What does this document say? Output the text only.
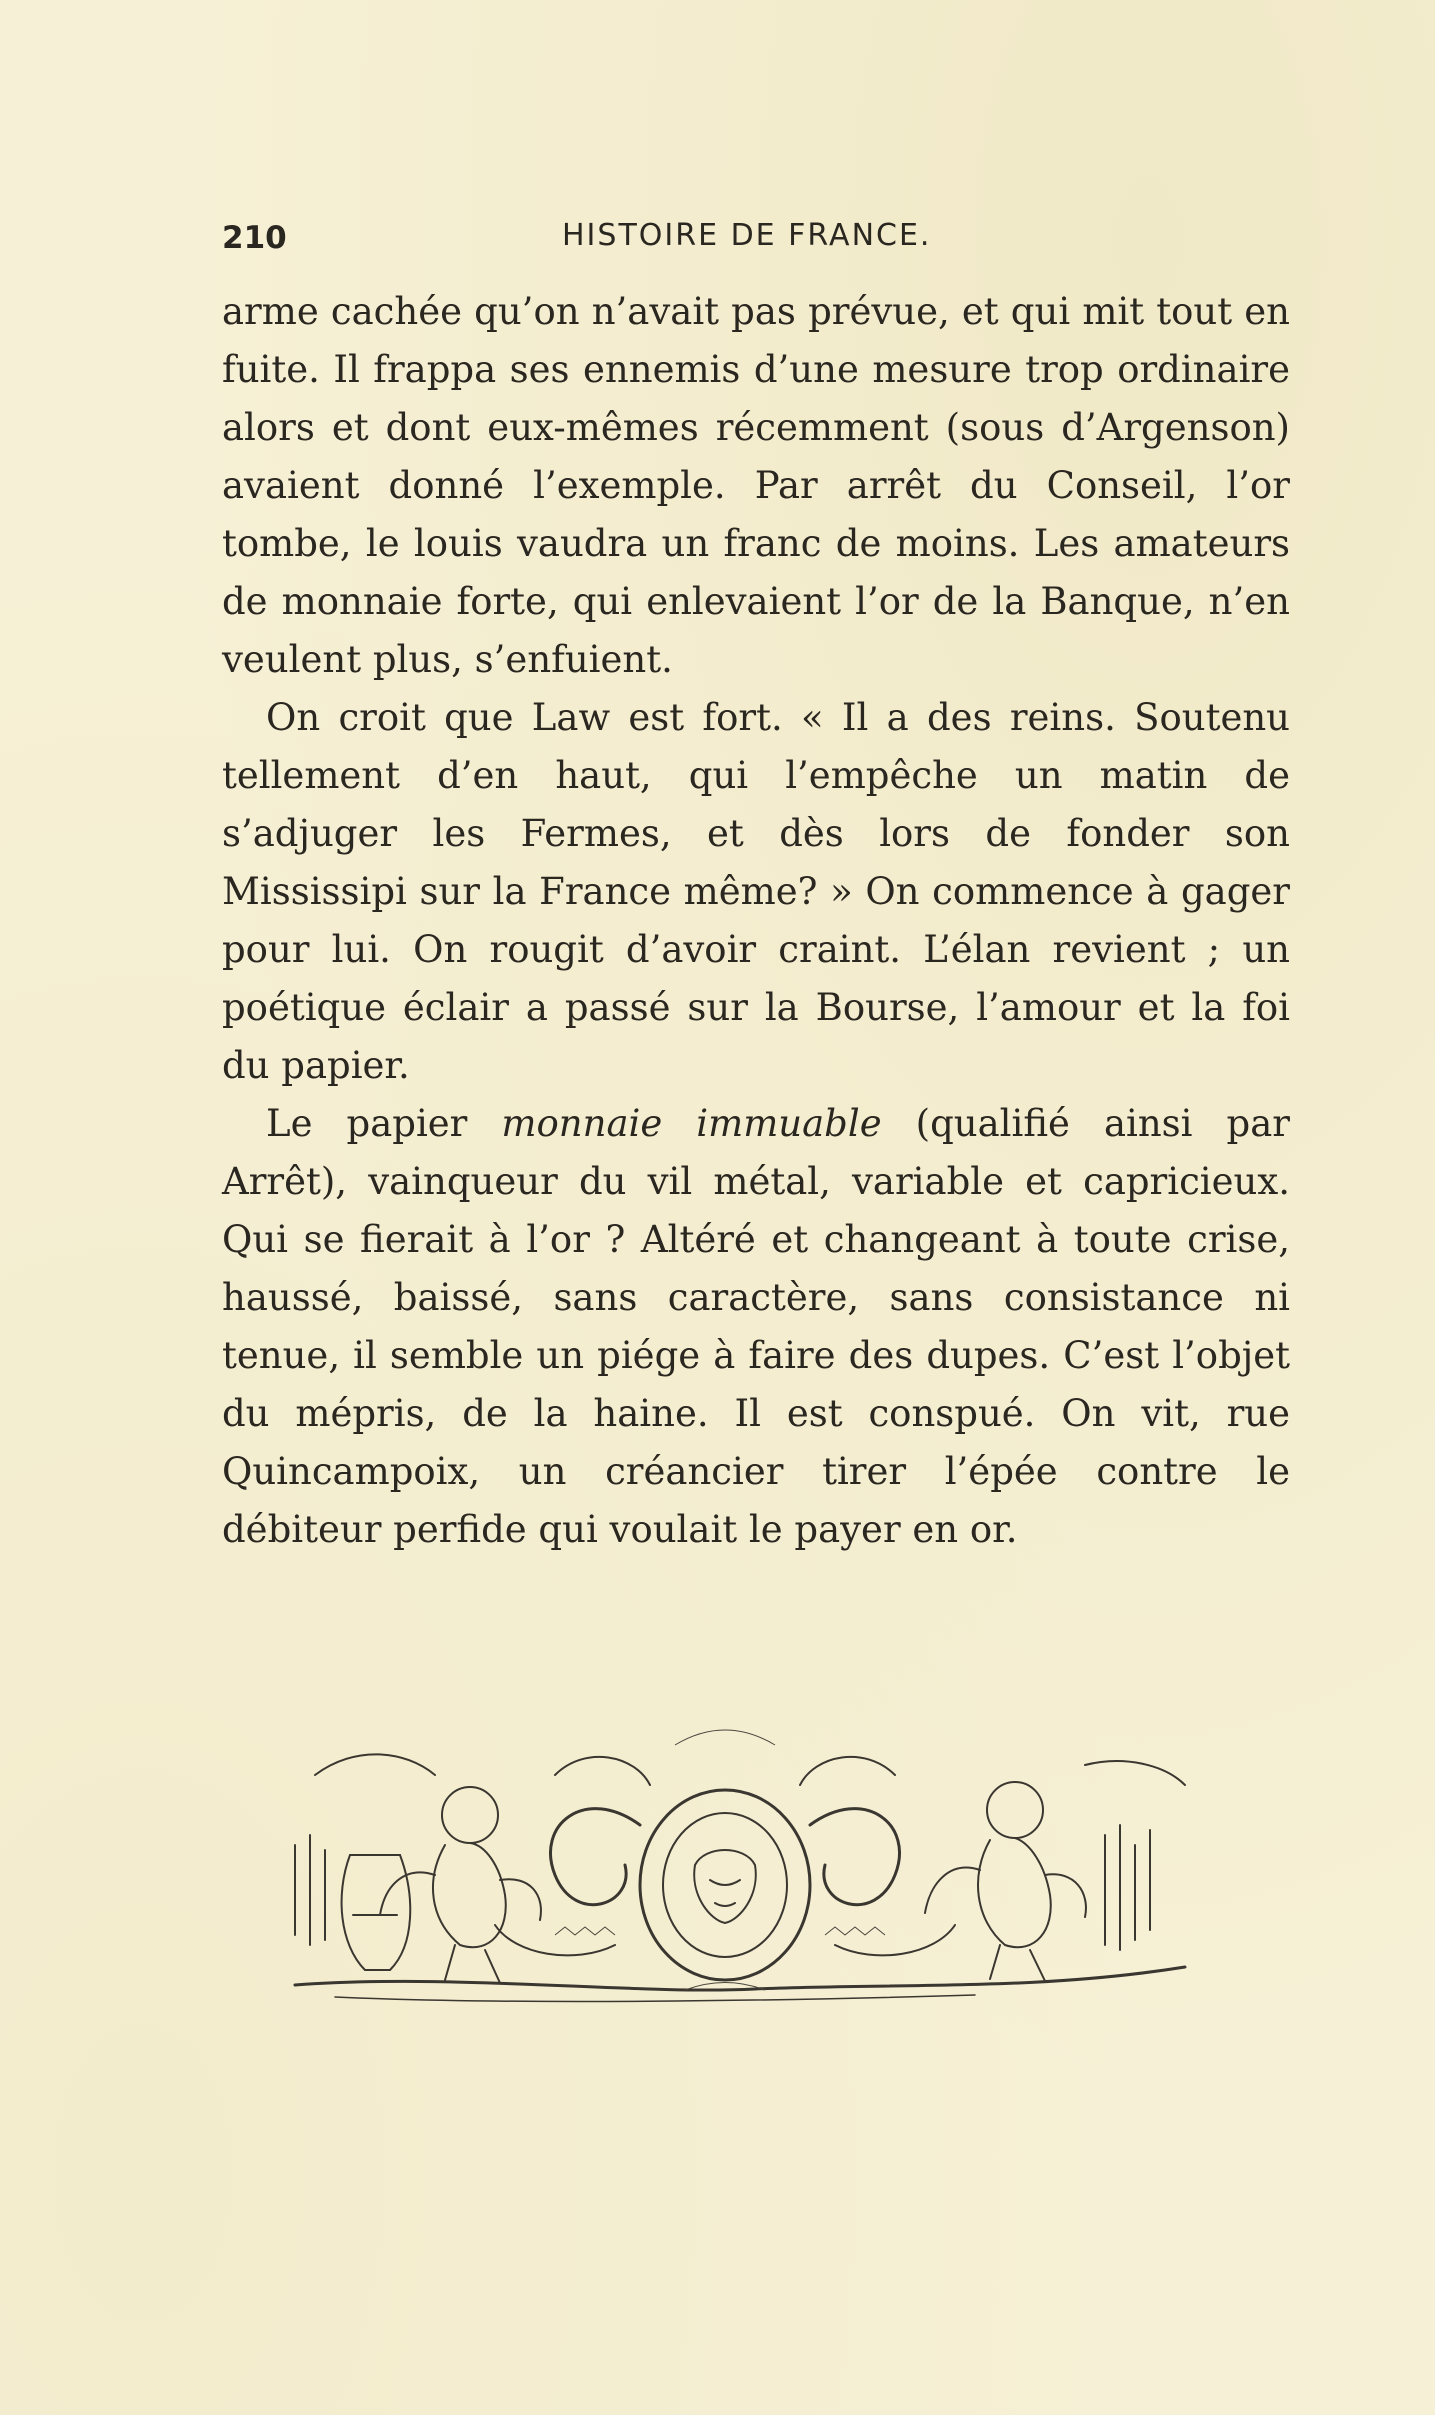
210	HISTOIRE DE FRANCE.

arme cachée qu’on n’avait pas prévue, et qui mit tout en fuite. Il frappa ses ennemis d’une mesure trop ordinaire alors et dont eux-mêmes récemment (sous d’Argenson) avaient donné l’exemple. Par arrêt du Conseil, l’or tombe, le louis vaudra un franc de moins. Les amateurs de monnaie forte, qui enlevaient l’or de la Banque, n’en veulent plus, s’enfuient.

On croit que Law est fort. « Il a des reins. Soutenu tellement d’en haut, qui l’empêche un matin de s’adjuger les Fermes, et dès lors de fonder son Mississipi sur la France même? » On commence à gager pour lui. On rougit d’avoir craint. L’élan revient ; un poétique éclair a passé sur la Bourse, l’amour et la foi du papier.

Le papier monnaie immuable (qualifié ainsi par Arrêt), vainqueur du vil métal, variable et capricieux. Qui se fierait à l’or ? Altéré et changeant à toute crise, haussé, baissé, sans caractère, sans consistance ni tenue, il semble un piége à faire des dupes. C’est l’objet du mépris, de la haine. Il est conspué. On vit, rue Quincampoix, un créancier tirer l’épée contre le débiteur perfide qui voulait le payer en or.
